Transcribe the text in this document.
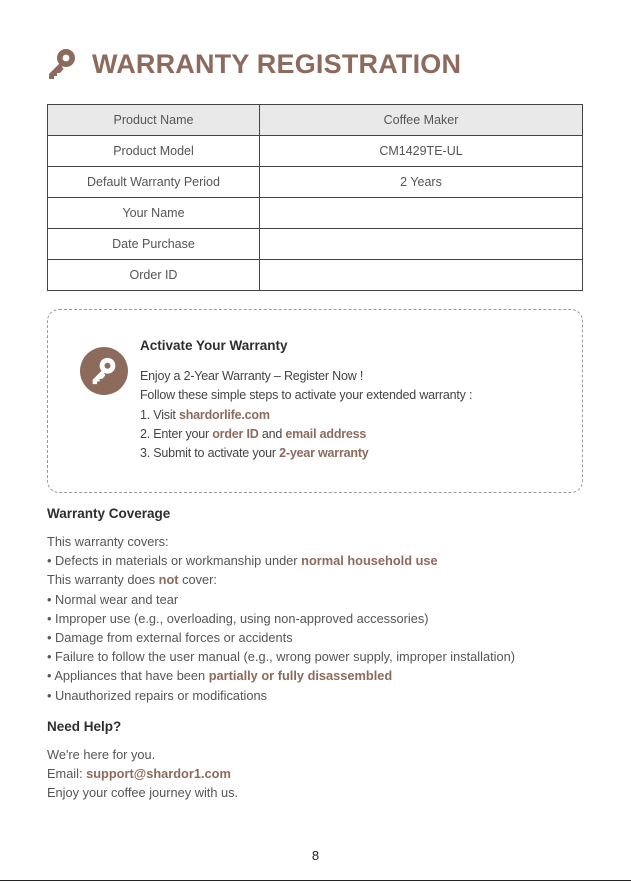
WARRANTY REGISTRATION
Product Name	Coffee Maker
Product Model	CM1429TE-UL
Default Warranty Period	2 Years
Your Name	
Date Purchase	
Order ID	
Activate Your Warranty
Enjoy a 2-Year Warranty – Register Now !
Follow these simple steps to activate your extended warranty :
1. Visit shardorlife.com
2. Enter your order ID and email address
3. Submit to activate your 2-year warranty
Warranty Coverage
This warranty covers:
• Defects in materials or workmanship under normal household use
This warranty does not cover:
• Normal wear and tear
• Improper use (e.g., overloading, using non-approved accessories)
• Damage from external forces or accidents
• Failure to follow the user manual (e.g., wrong power supply, improper installation)
• Appliances that have been partially or fully disassembled
• Unauthorized repairs or modifications
Need Help?
We're here for you.
Email: support@shardor1.com
Enjoy your coffee journey with us.
8
